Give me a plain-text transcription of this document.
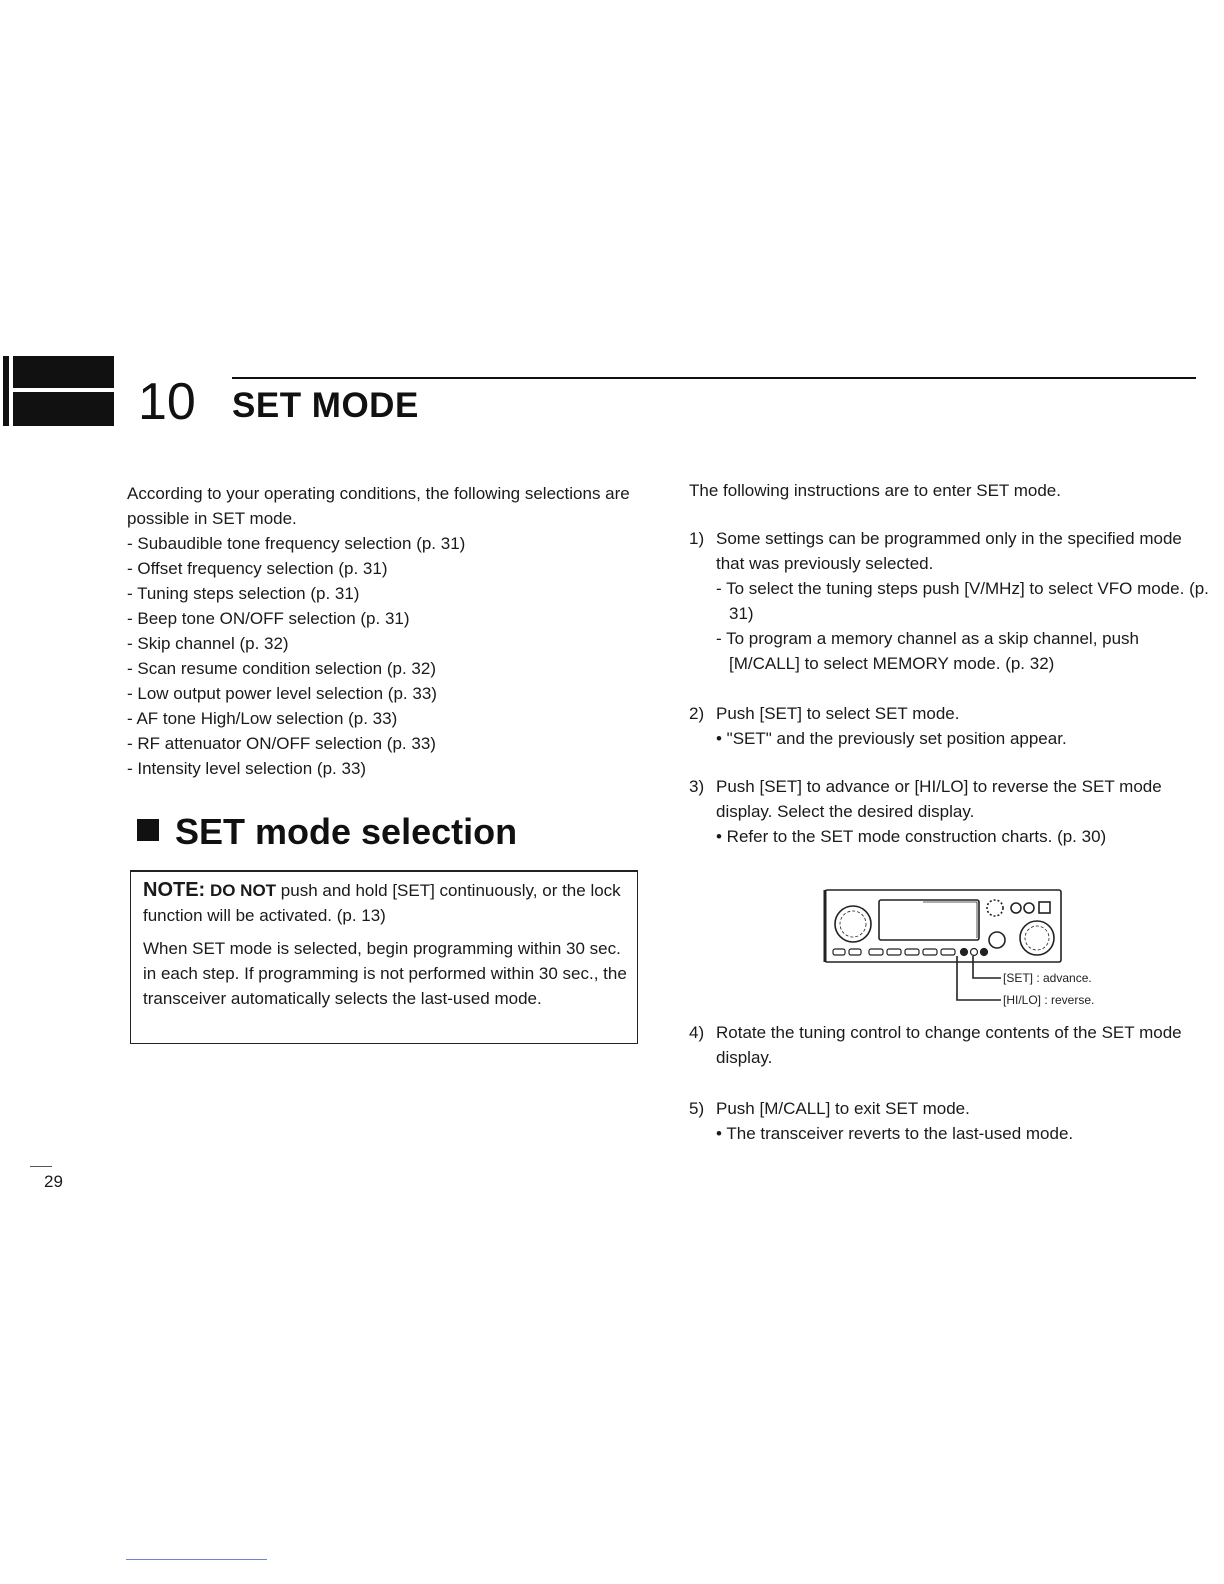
10 SET MODE

According to your operating conditions, the following selections are possible in SET mode.

- Subaudible tone frequency selection (p. 31)
- Offset frequency selection (p. 31)
- Tuning steps selection (p. 31)
- Beep tone ON/OFF selection (p. 31)
- Skip channel (p. 32)
- Scan resume condition selection (p. 32)
- Low output power level selection (p. 33)
- AF tone High/Low selection (p. 33)
- RF attenuator ON/OFF selection (p. 33)
- Intensity level selection (p. 33)
SET mode selection

NOTE: DO NOT push and hold [SET] continuously, or the lock function will be activated. (p. 13)

When SET mode is selected, begin programming within 30 sec. in each step. If programming is not performed within 30 sec., the transceiver automatically selects the last-used mode.

The following instructions are to enter SET mode.

1) Some settings can be programmed only in the specified mode that was previously selected.

- To select the tuning steps push [V/MHz] to select VFO mode. (p. 31)

- To program a memory channel as a skip channel, push [M/CALL] to select MEMORY mode. (p. 32)

2) Push [SET] to select SET mode.

• "SET" and the previously set position appear.

3) Push [SET] to advance or [HI/LO] to reverse the SET mode display. Select the desired display.

• Refer to the SET mode construction charts. (p. 30)

4) Rotate the tuning control to change contents of the SET mode display.

5) Push [M/CALL] to exit SET mode.

• The transceiver reverts to the last-used mode.

[SET] : advance.
[HI/LO] : reverse.
29
